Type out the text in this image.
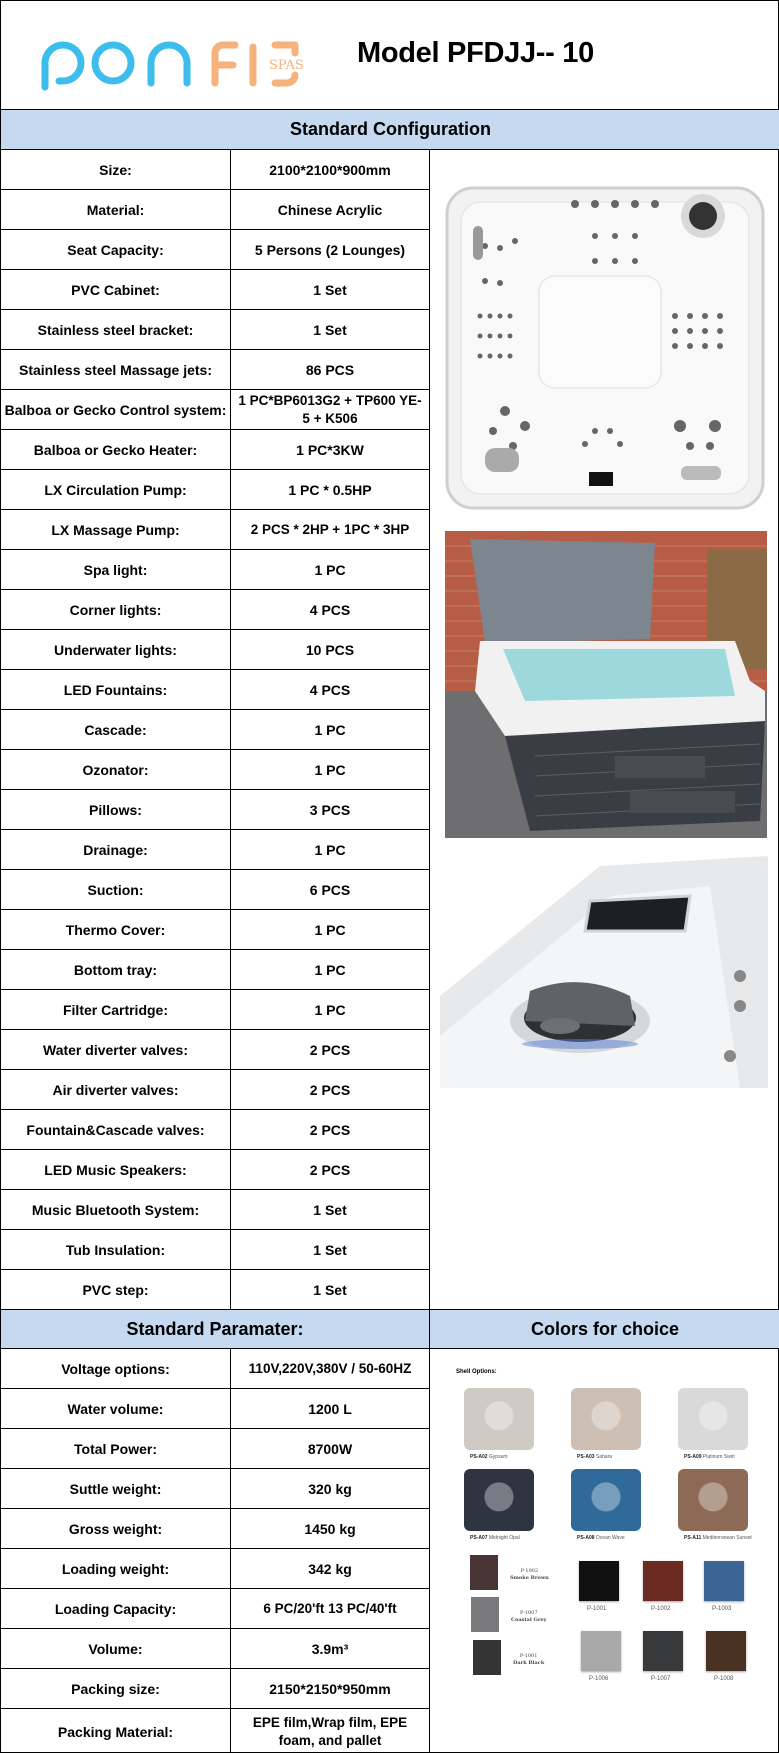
SPAS Model PFDJJ-- 10
Standard Configuration
Size:	2100*2100*900mm
Material:	Chinese Acrylic
Seat Capacity:	5 Persons (2 Lounges)
PVC Cabinet:	1 Set
Stainless steel bracket:	1 Set
Stainless steel Massage jets:	86 PCS
Balboa or Gecko Control system:
1 PC*BP6013G2 + TP600 YE-5 + K506
Balboa or Gecko Heater:	1 PC*3KW
LX Circulation Pump:	1 PC * 0.5HP
LX Massage Pump:	2 PCS * 2HP + 1PC * 3HP
Spa light:	1 PC
Corner lights:	4 PCS
Underwater lights:	10 PCS
LED Fountains:	4 PCS
Cascade:	1 PC
Ozonator:	1 PC
Pillows:	3 PCS
Drainage:	1 PC
Suction:	6 PCS
Thermo Cover:	1 PC
Bottom tray:	1 PC
Filter Cartridge:	1 PC
Water diverter valves:	2 PCS
Air diverter valves:	2 PCS
Fountain&Cascade valves:	2 PCS
LED Music Speakers:	2 PCS
Music Bluetooth System:	1 Set
Tub Insulation:	1 Set
PVC step:	1 Set
Standard Paramater:	Colors for choice
Voltage options:	110V,220V,380V / 50-60HZ
Water volume:	1200 L
Total Power:	8700W
Suttle weight:	320 kg
Gross weight:	1450 kg
Loading weight:	342 kg
Loading Capacity:	6 PC/20'ft 13 PC/40'ft
Volume:	3.9m³
Packing size:	2150*2150*950mm
Packing Material:
EPE film,Wrap film, EPE foam, and pallet
Shell Options:
PS-A02 Gypsum	PS-A03 Sahara	PS-A09 Platinum Swirl
PS-A07 Midnight Opal	PS-A08 Ocean Wave	PS-A11 Mediterranean Sunset
P-1002
Smoke Brown
P-1007
Coastal Grey
P-1001
Dark Black
P-1001	P-1002	P-1003
P-1006	P-1007	P-1008
